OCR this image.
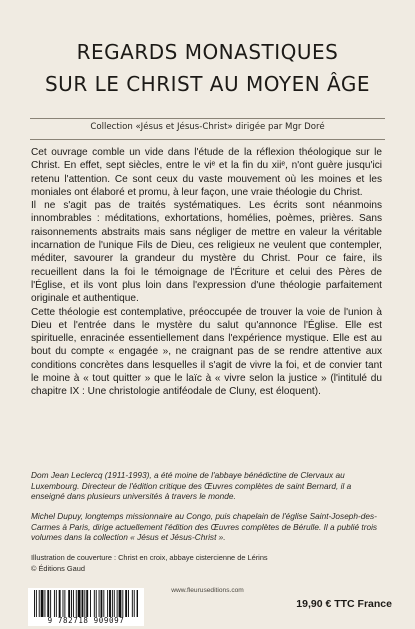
REGARDS MONASTIQUES
SUR LE CHRIST AU MOYEN ÂGE
Collection «Jésus et Jésus-Christ» dirigée par Mgr Doré

Cet ouvrage comble un vide dans l'étude de la réflexion théologique sur le Christ. En effet, sept siècles, entre le viᵉ et la fin du xiiᵉ, n'ont guère jusqu'ici retenu l'attention. Ce sont ceux du vaste mouvement où les moines et les moniales ont élaboré et promu, à leur façon, une vraie théologie du Christ.

Il ne s'agit pas de traités systématiques. Les écrits sont néanmoins innombrables : méditations, exhortations, homélies, poèmes, prières. Sans raisonnements abstraits mais sans négliger de mettre en valeur la véritable incarnation de l'unique Fils de Dieu, ces religieux ne veulent que contempler, méditer, savourer la grandeur du mystère du Christ. Pour ce faire, ils recueillent dans la foi le témoignage de l'Écriture et celui des Pères de l'Église, et ils vont plus loin dans l'expression d'une théologie parfaitement originale et authentique.

Cette théologie est contemplative, préoccupée de trouver la voie de l'union à Dieu et l'entrée dans le mystère du salut qu'annonce l'Église. Elle est spirituelle, enracinée essentiellement dans l'expérience mystique. Elle est au bout du compte « engagée », ne craignant pas de se rendre attentive aux conditions concrètes dans lesquelles il s'agit de vivre la foi, et de convier tant le moine à « tout quitter » que le laïc à « vivre selon la justice » (l'intitulé du chapitre IX : Une christologie antiféodale de Cluny, est éloquent).

Dom Jean Leclercq (1911-1993), a été moine de l'abbaye bénédictine de Clervaux au Luxembourg. Directeur de l'édition critique des Œuvres complètes de saint Bernard, il a enseigné dans plusieurs universités à travers le monde.

Michel Dupuy, longtemps missionnaire au Congo, puis chapelain de l'église Saint-Joseph-des-Carmes à Paris, dirige actuellement l'édition des Œuvres complètes de Bérulle. Il a publié trois volumes dans la collection « Jésus et Jésus-Christ ».

Illustration de couverture : Christ en croix, abbaye cistercienne de Lérins
© Éditions Gaud
www.fleuruseditions.com
9 782718 909097
19,90 € TTC France
